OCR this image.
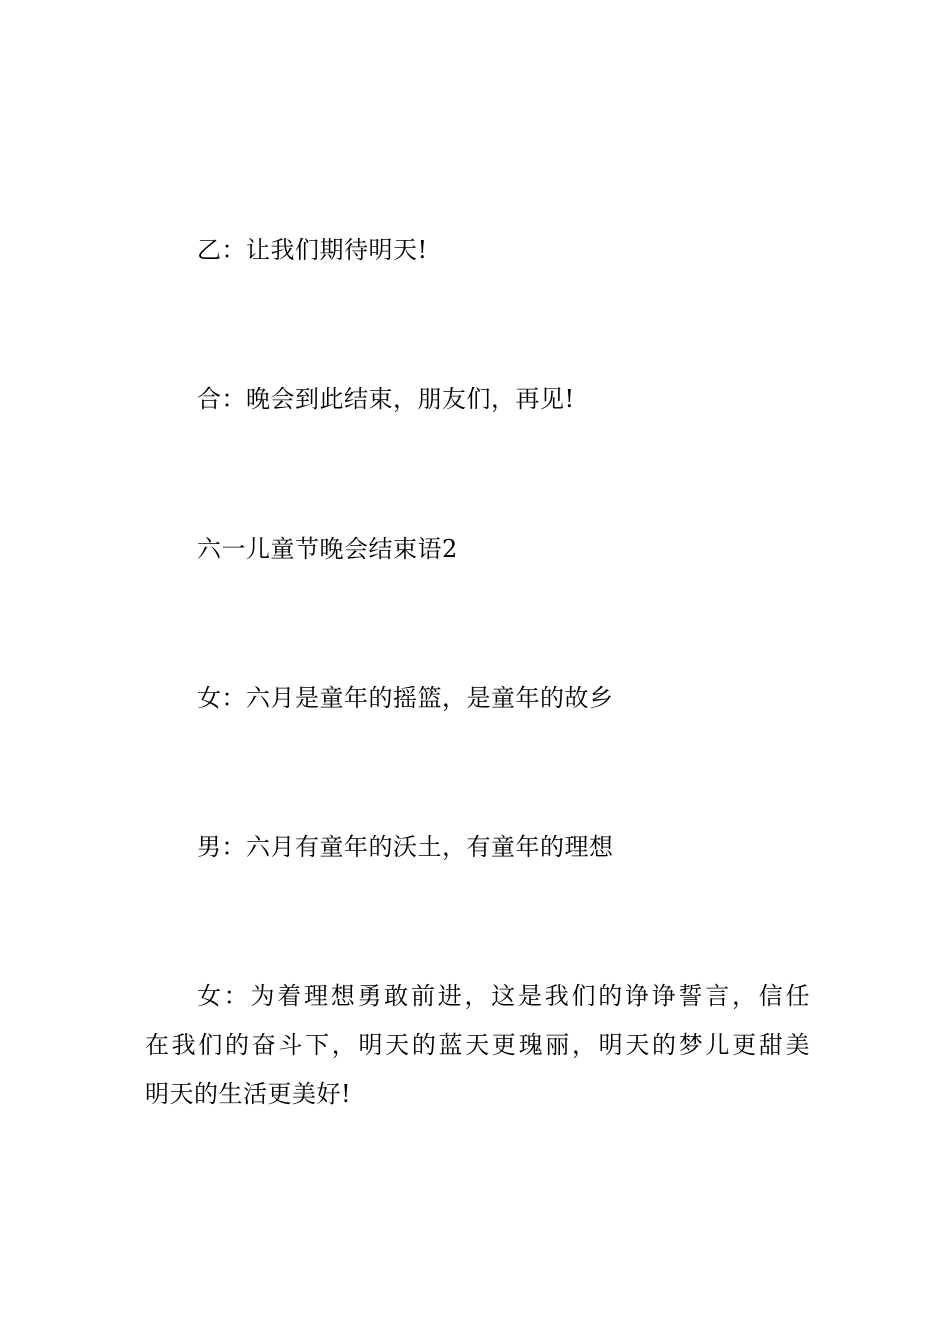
乙：让我们期待明天!
合：晚会到此结束，朋友们，再见!
六一儿童节晚会结束语2
女：六月是童年的摇篮，是童年的故乡
男：六月有童年的沃土，有童年的理想
女：为着理想勇敢前进，这是我们的诤诤誓言，信任
在我们的奋斗下，明天的蓝天更瑰丽，明天的梦儿更甜美
明天的生活更美好!
